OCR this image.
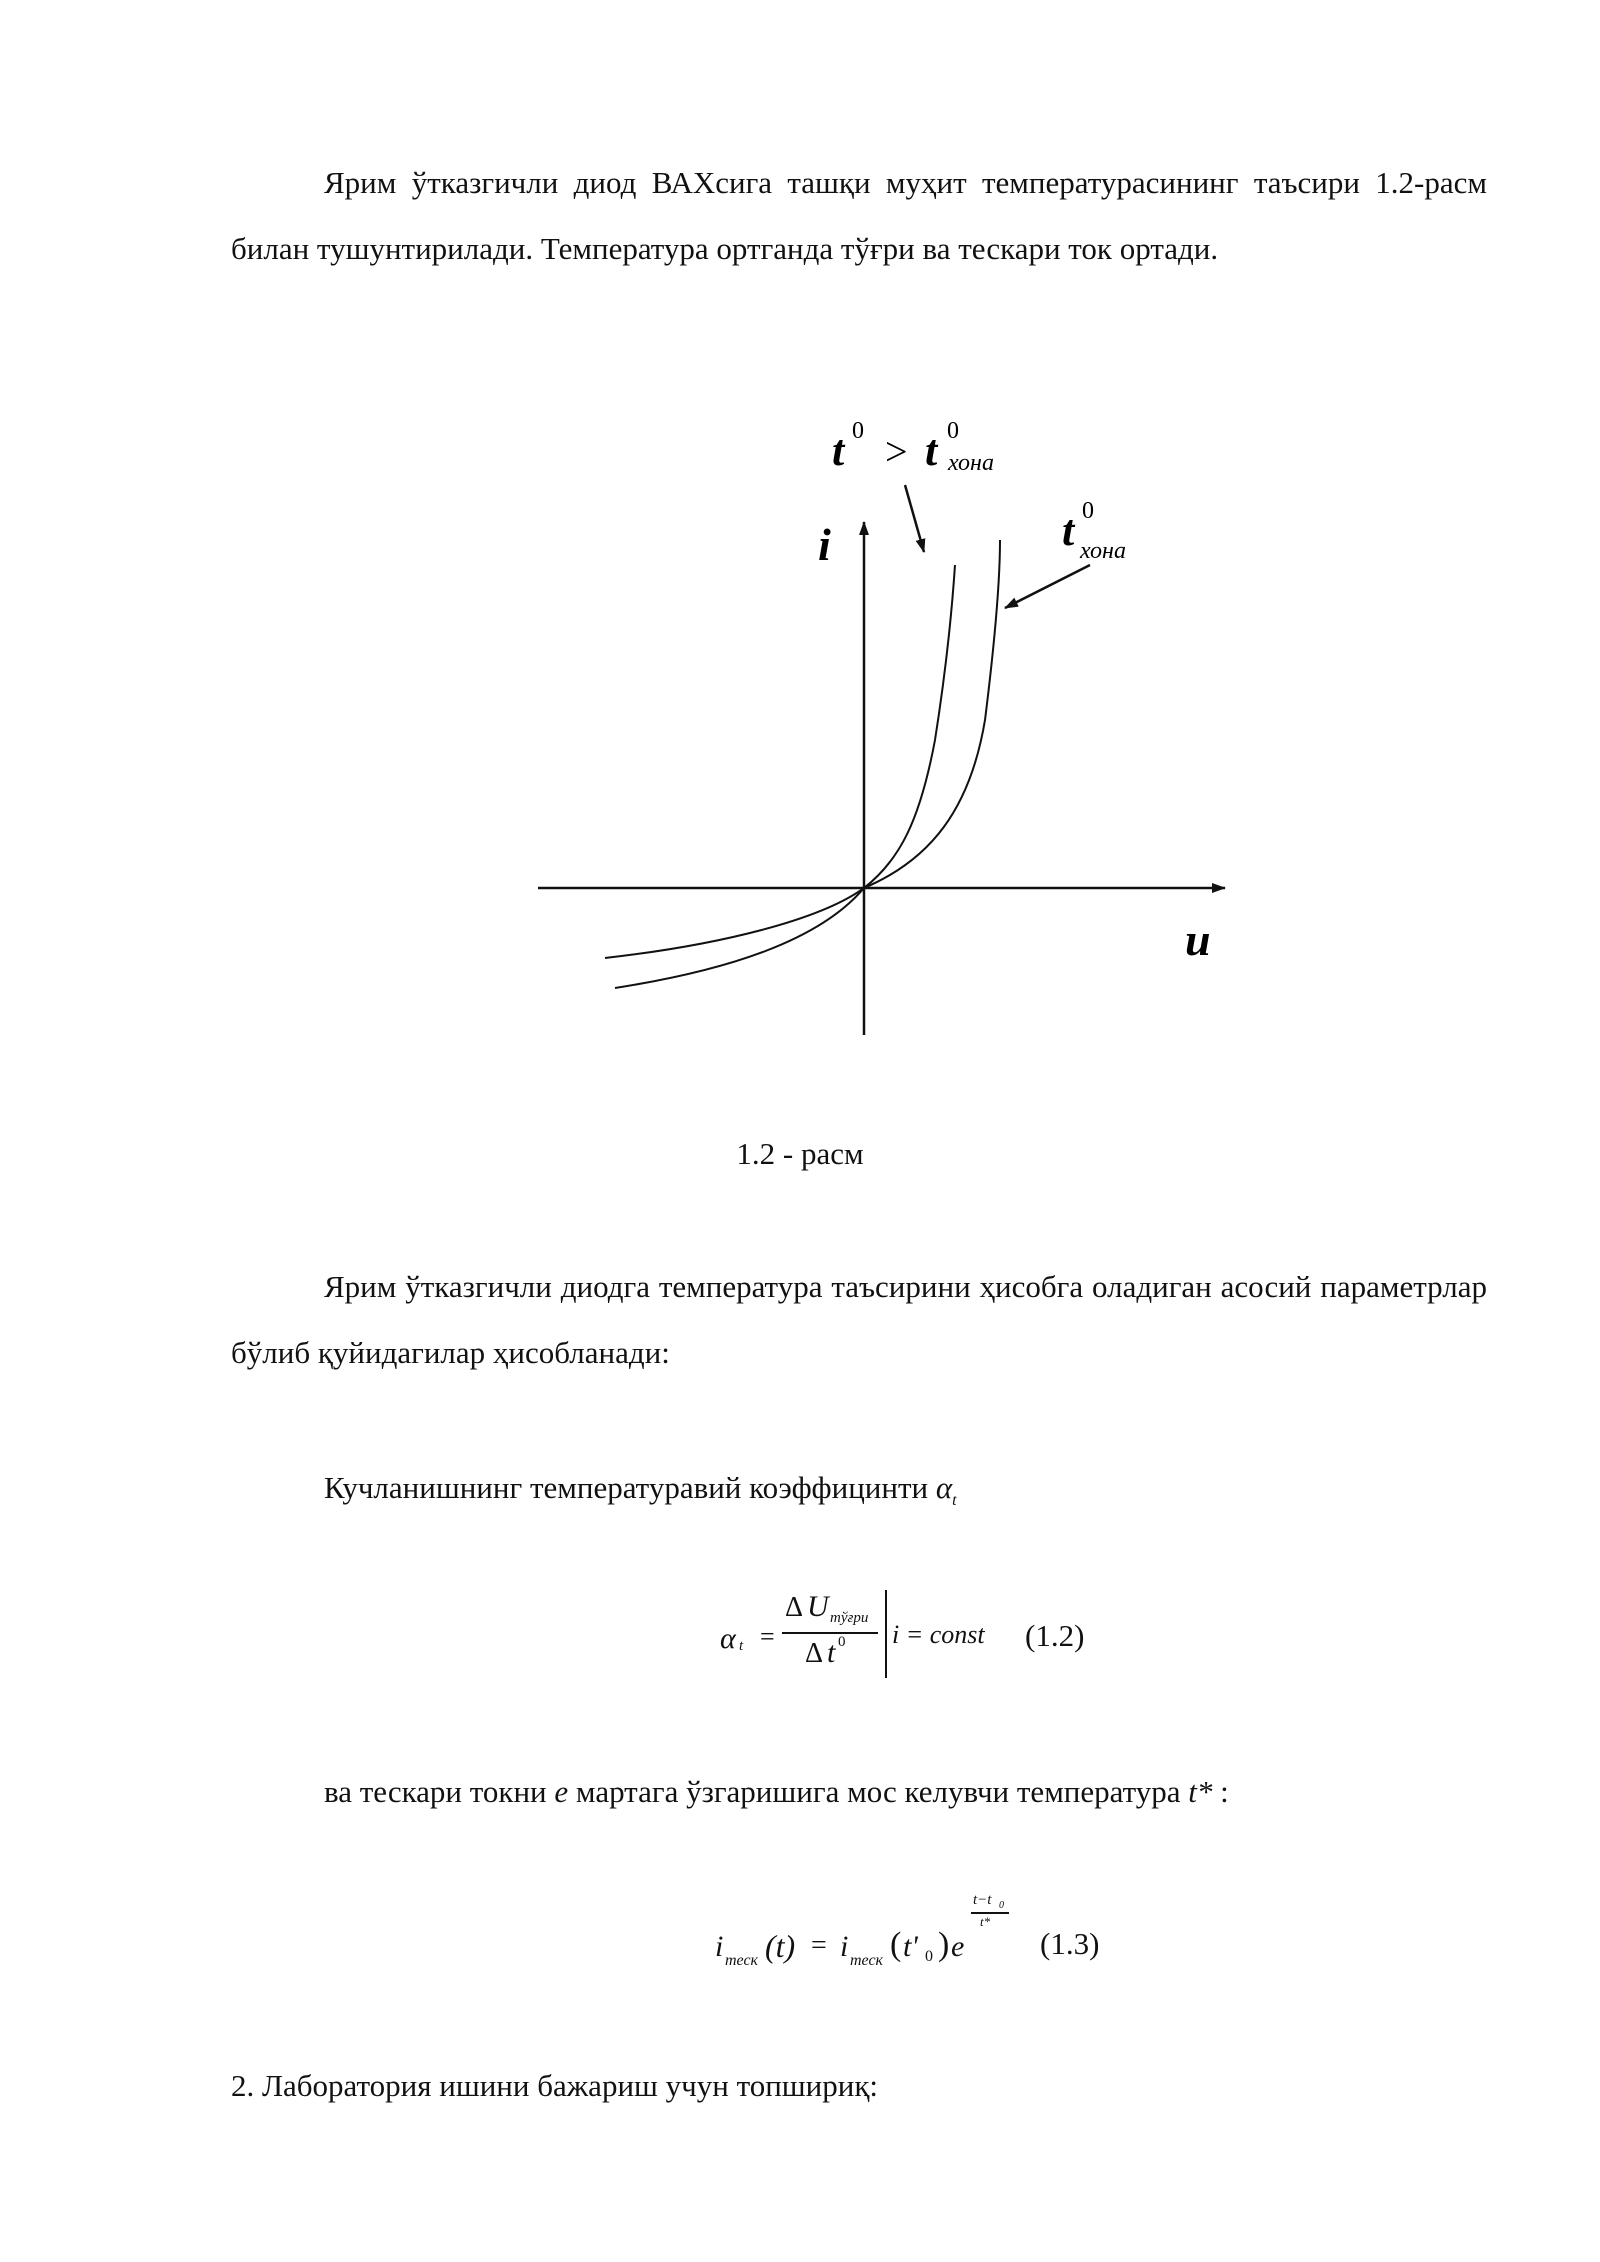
Ярим ўтказгичли диод ВАХсига ташқи муҳит температурасининг таъсири 1.2-расм билан тушунтирилади. Температура ортганда тўғри ва тескари ток ортади.

t 0 > t 0
хона
t 0
хона
i
u
1.2 - расм

Ярим ўтказгичли диодга температура таъсирини ҳисобга оладиган асосий параметрлар бўлиб қуйидагилар ҳисобланади:

Кучланишнинг температуравий коэффицинти $\alpha_t$
α t =
Δ U тўғри
Δ t 0 i = const (1.2)
ва тескари токни e мартага ўзгаришига мос келувчи температура t* :
i теск (t) = i теск ( t' 0 ) e
t−t 0
t*
(1.3)
2. Лаборатория ишини бажариш учун топшириқ:
